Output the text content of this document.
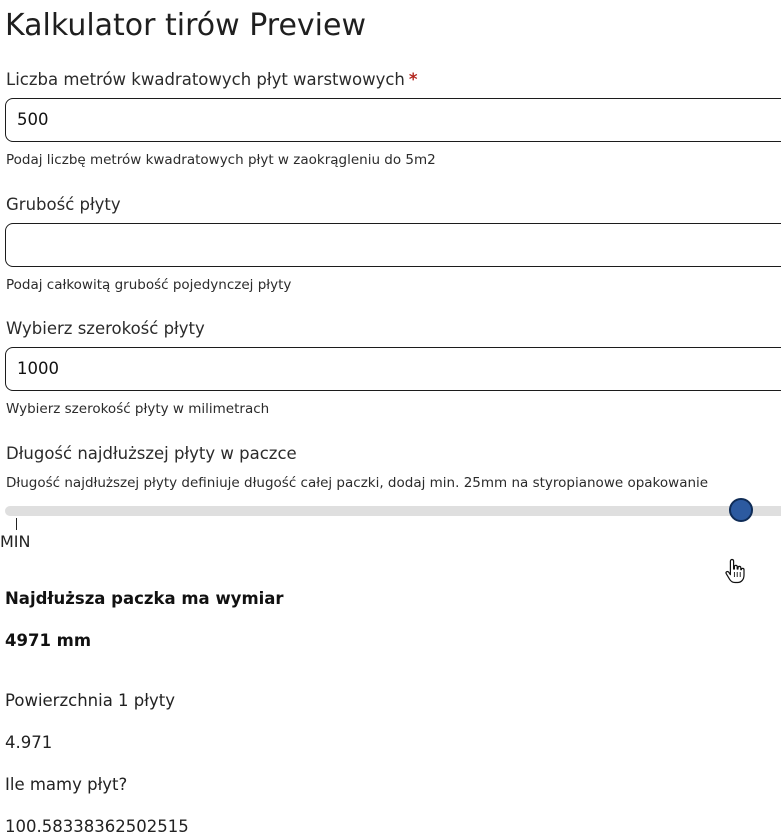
Kalkulator tirów Preview
Liczba metrów kwadratowych płyt warstwowych *
500
Podaj liczbę metrów kwadratowych płyt w zaokrągleniu do 5m2
Grubość płyty
Podaj całkowitą grubość pojedynczej płyty
Wybierz szerokość płyty
1000
Wybierz szerokość płyty w milimetrach
Długość najdłuższej płyty w paczce
Długość najdłuższej płyty definiuje długość całej paczki, dodaj min. 25mm na styropianowe opakowanie
MIN
Najdłuższa paczka ma wymiar
4971 mm
Powierzchnia 1 płyty
4.971
Ile mamy płyt?
100.58338362502515
